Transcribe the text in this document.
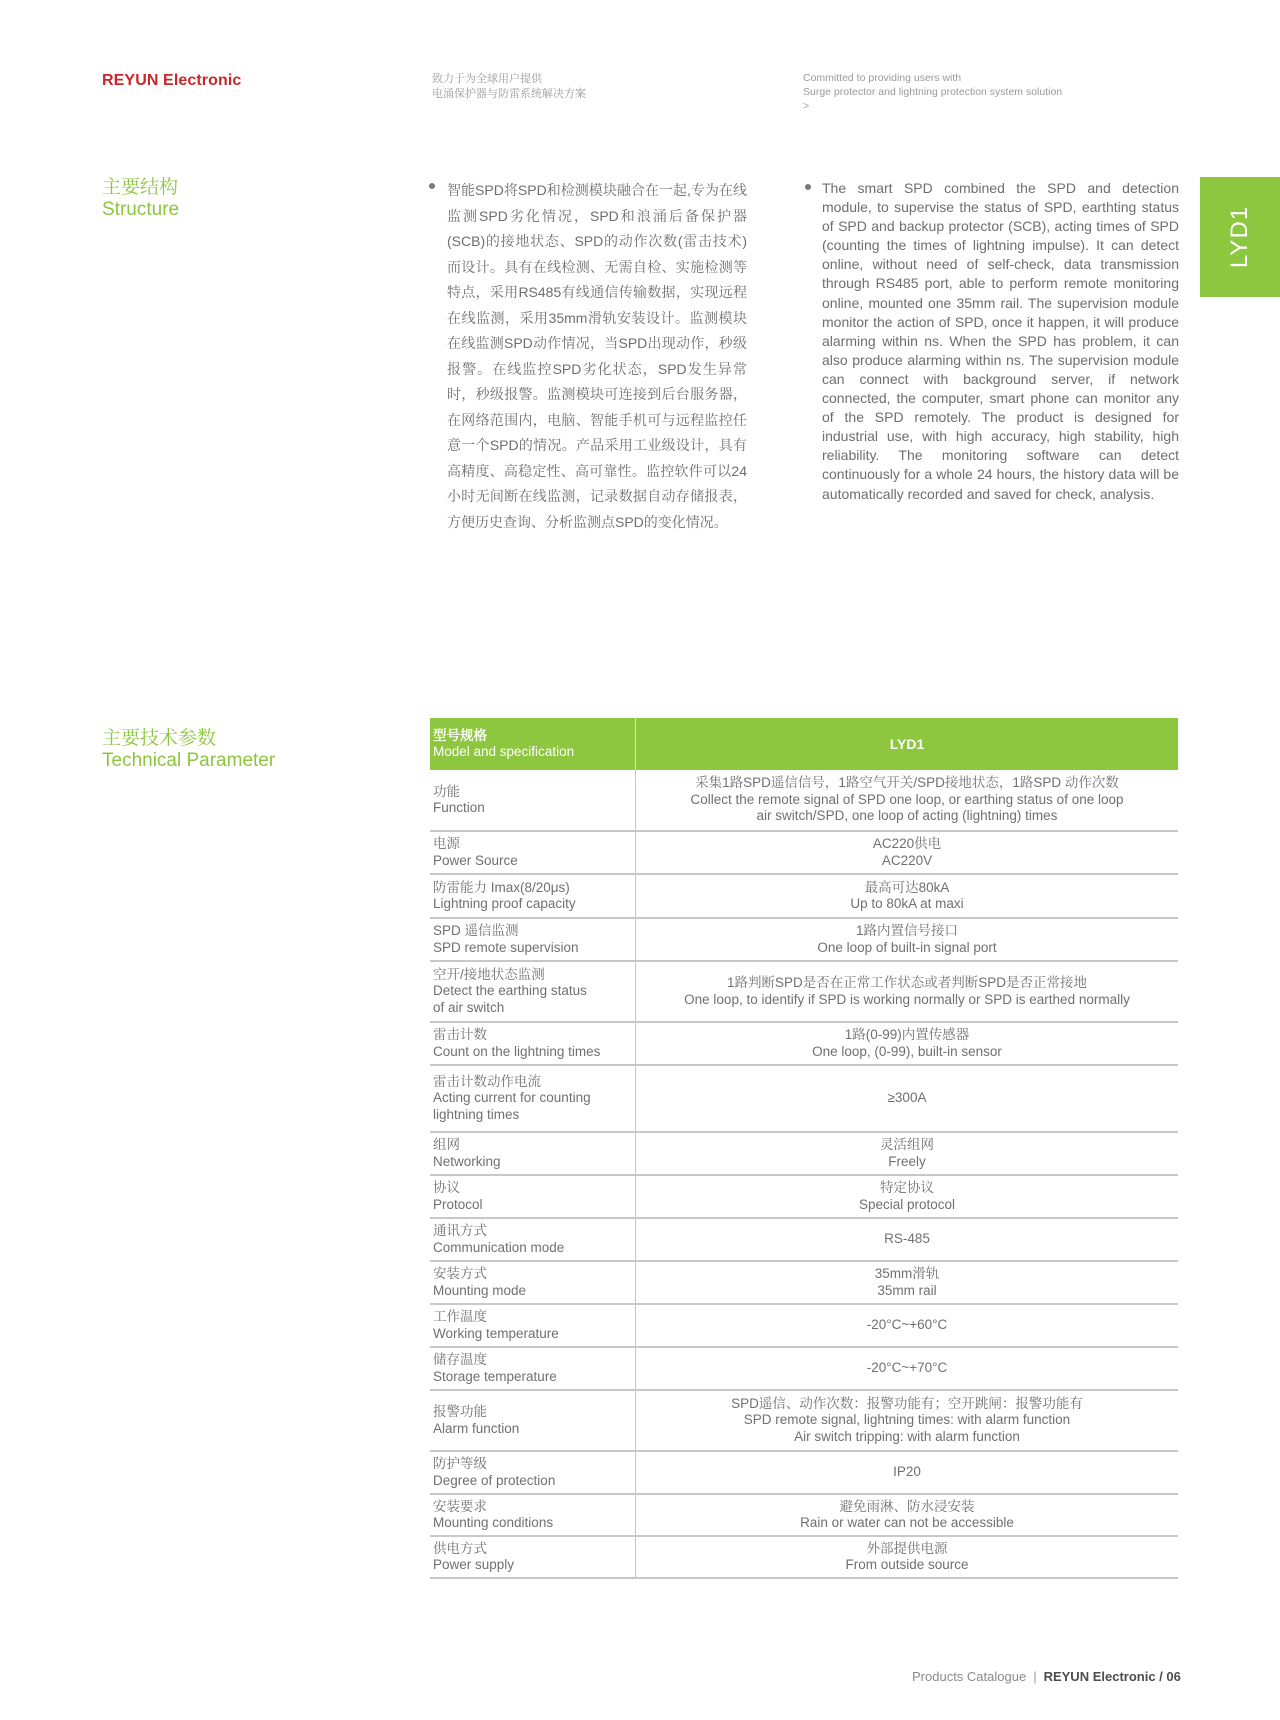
REYUN Electronic	致力于为全球用户提供
电涌保护器与防雷系统解决方案
Committed to providing users with
Surge protector and lightning protection system solution
>
LYD1
主要结构
Structure
智能SPD将SPD和检测模块融合在一起,专为在线监测SPD劣化情况，SPD和浪涌后备保护器(SCB)的接地状态、SPD的动作次数(雷击技术)而设计。具有在线检测、无需自检、实施检测等特点，采用RS485有线通信传输数据，实现远程在线监测，采用35mm滑轨安装设计。监测模块在线监测SPD动作情况，当SPD出现动作，秒级报警。在线监控SPD劣化状态，SPD发生异常时，秒级报警。监测模块可连接到后台服务器，在网络范围内，电脑、智能手机可与远程监控任意一个SPD的情况。产品采用工业级设计，具有高精度、高稳定性、高可靠性。监控软件可以24小时无间断在线监测，记录数据自动存储报表，方便历史查询、分析监测点SPD的变化情况。
The smart SPD combined the SPD and detection module, to supervise the status of SPD, earthting status of SPD and backup protector (SCB), acting times of SPD (counting the times of lightning impulse). It can detect online, without need of self-check, data transmission through RS485 port, able to perform remote monitoring online, mounted one 35mm rail. The supervision module monitor the action of SPD, once it happen, it will produce alarming within ns. When the SPD has problem, it can also produce alarming within ns. The supervision module can connect with background server, if network connected, the computer, smart phone can monitor any of the SPD remotely. The product is designed for industrial use, with high accuracy, high stability, high reliability. The monitoring software can detect continuously for a whole 24 hours, the history data will be automatically recorded and saved for check, analysis.
主要技术参数
Technical Parameter
型号规格
Model and specification	LYD1

功能
Function	采集1路SPD遥信信号，1路空气开关/SPD接地状态，1路SPD 动作次数
Collect the remote signal of SPD one loop, or earthing status of one loop
air switch/SPD, one loop of acting (lightning) times

电源
Power Source	AC220供电
AC220V

防雷能力 Imax(8/20μs)
Lightning proof capacity	最高可达80kA
Up to 80kA at maxi

SPD 遥信监测
SPD remote supervision	1路内置信号接口
One loop of built-in signal port

空开/接地状态监测
Detect the earthing status
of air switch	1路判断SPD是否在正常工作状态或者判断SPD是否正常接地
One loop, to identify if SPD is working normally or SPD is earthed normally

雷击计数
Count on the lightning times	1路(0-99)内置传感器
One loop, (0-99), built-in sensor

雷击计数动作电流
Acting current for counting
lightning times	≥300A

组网
Networking	灵活组网
Freely

协议
Protocol	特定协议
Special protocol

通讯方式
Communication mode	RS-485

安装方式
Mounting mode	35mm滑轨
35mm rail

工作温度
Working temperature	-20°C~+60°C

储存温度
Storage temperature	-20°C~+70°C

报警功能
Alarm function	SPD遥信、动作次数：报警功能有；空开跳闸：报警功能有
SPD remote signal, lightning times: with alarm function
Air switch tripping: with alarm function

防护等级
Degree of protection	IP20

安装要求
Mounting conditions	避免雨淋、防水浸安装
Rain or water can not be accessible

供电方式
Power supply	外部提供电源
From outside source
Products Catalogue | REYUN Electronic / 06
